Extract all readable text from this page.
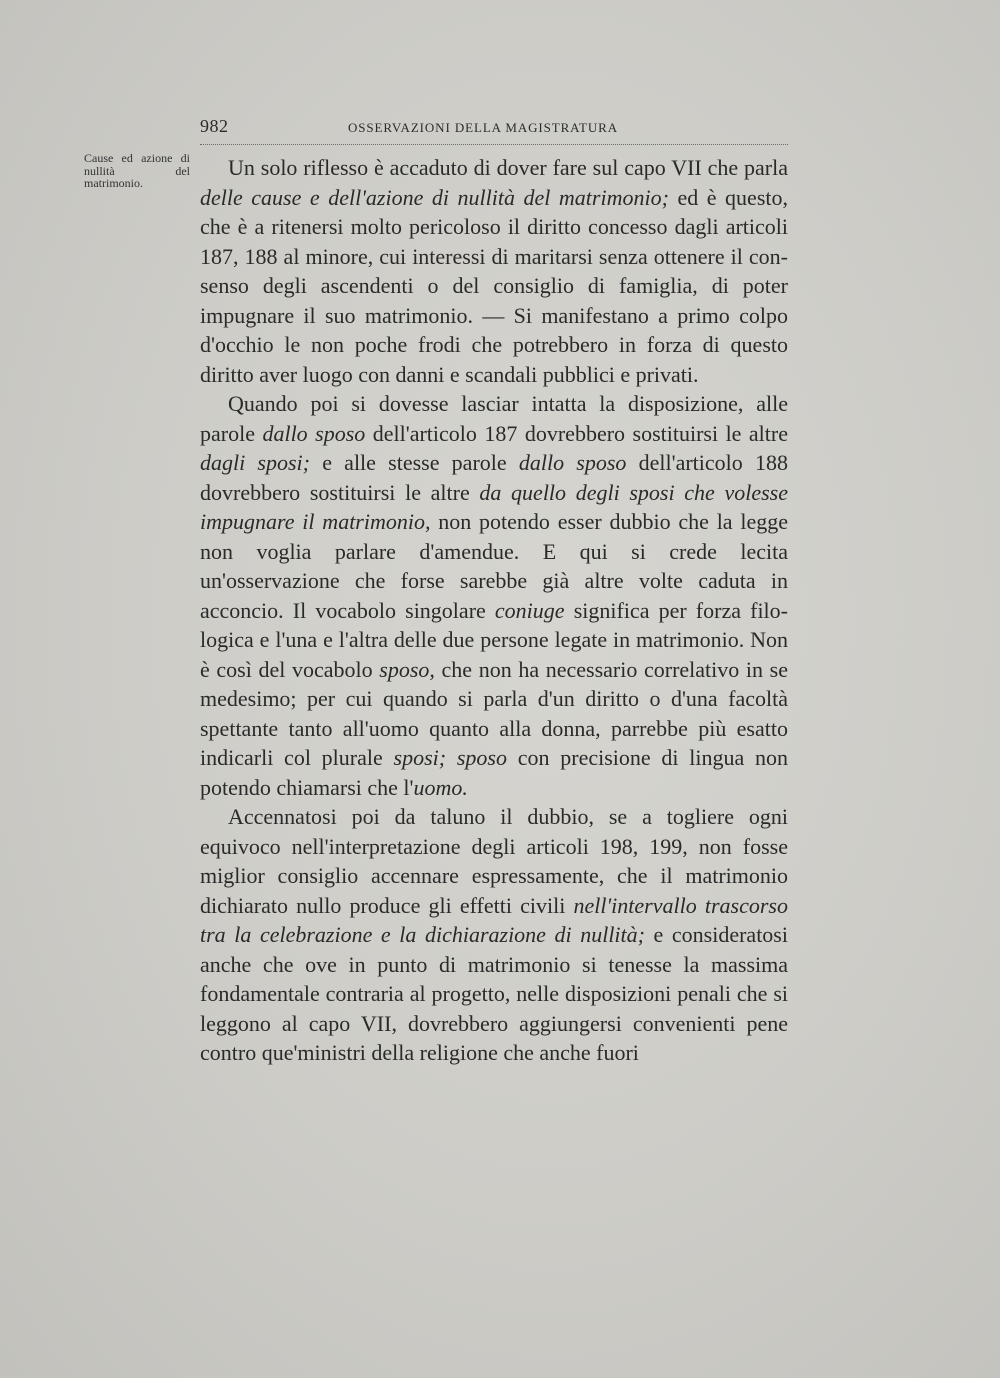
982	OSSERVAZIONI DELLA MAGISTRATURA
Cause ed azione di nullità del matrimonio.

Un solo riflesso è accaduto di dover fare sul capo VII che parla delle cause e dell'azione di nullità del matrimonio; ed è questo, che è a ritenersi molto pericoloso il diritto concesso dagli articoli 187, 188 al minore, cui interessi di maritarsi senza ottenere il consenso degli ascendenti o del consiglio di famiglia, di poter impugnare il suo matrimonio. — Si manifestano a primo colpo d'occhio le non poche frodi che potrebbero in forza di questo diritto aver luogo con danni e scandali pubblici e privati.

Quando poi si dovesse lasciar intatta la disposizione, alle parole dallo sposo dell'articolo 187 dovrebbero sostituirsi le altre dagli sposi; e alle stesse parole dallo sposo dell'articolo 188 dovrebbero sostituirsi le altre da quello degli sposi che volesse impugnare il matrimonio, non potendo esser dubbio che la legge non voglia parlare d'amendue. E qui si crede lecita un'osservazione che forse sarebbe già altre volte caduta in acconcio. Il vocabolo singolare coniuge significa per forza filologica e l'una e l'altra delle due persone legate in matrimonio. Non è così del vocabolo sposo, che non ha necessario correlativo in se medesimo; per cui quando si parla d'un diritto o d'una facoltà spettante tanto all'uomo quanto alla donna, parrebbe più esatto indicarli col plurale sposi; sposo con precisione di lingua non potendo chiamarsi che l'uomo.

Accennatosi poi da taluno il dubbio, se a togliere ogni equivoco nell'interpretazione degli articoli 198, 199, non fosse miglior consiglio accennare espressamente, che il matrimonio dichiarato nullo produce gli effetti civili nell'intervallo trascorso tra la celebrazione e la dichiarazione di nullità; e consideratosi anche che ove in punto di matrimonio si tenesse la massima fondamentale contraria al progetto, nelle disposizioni penali che si leggono al capo VII, dovrebbero aggiungersi convenienti pene contro que'ministri della religione che anche fuori
